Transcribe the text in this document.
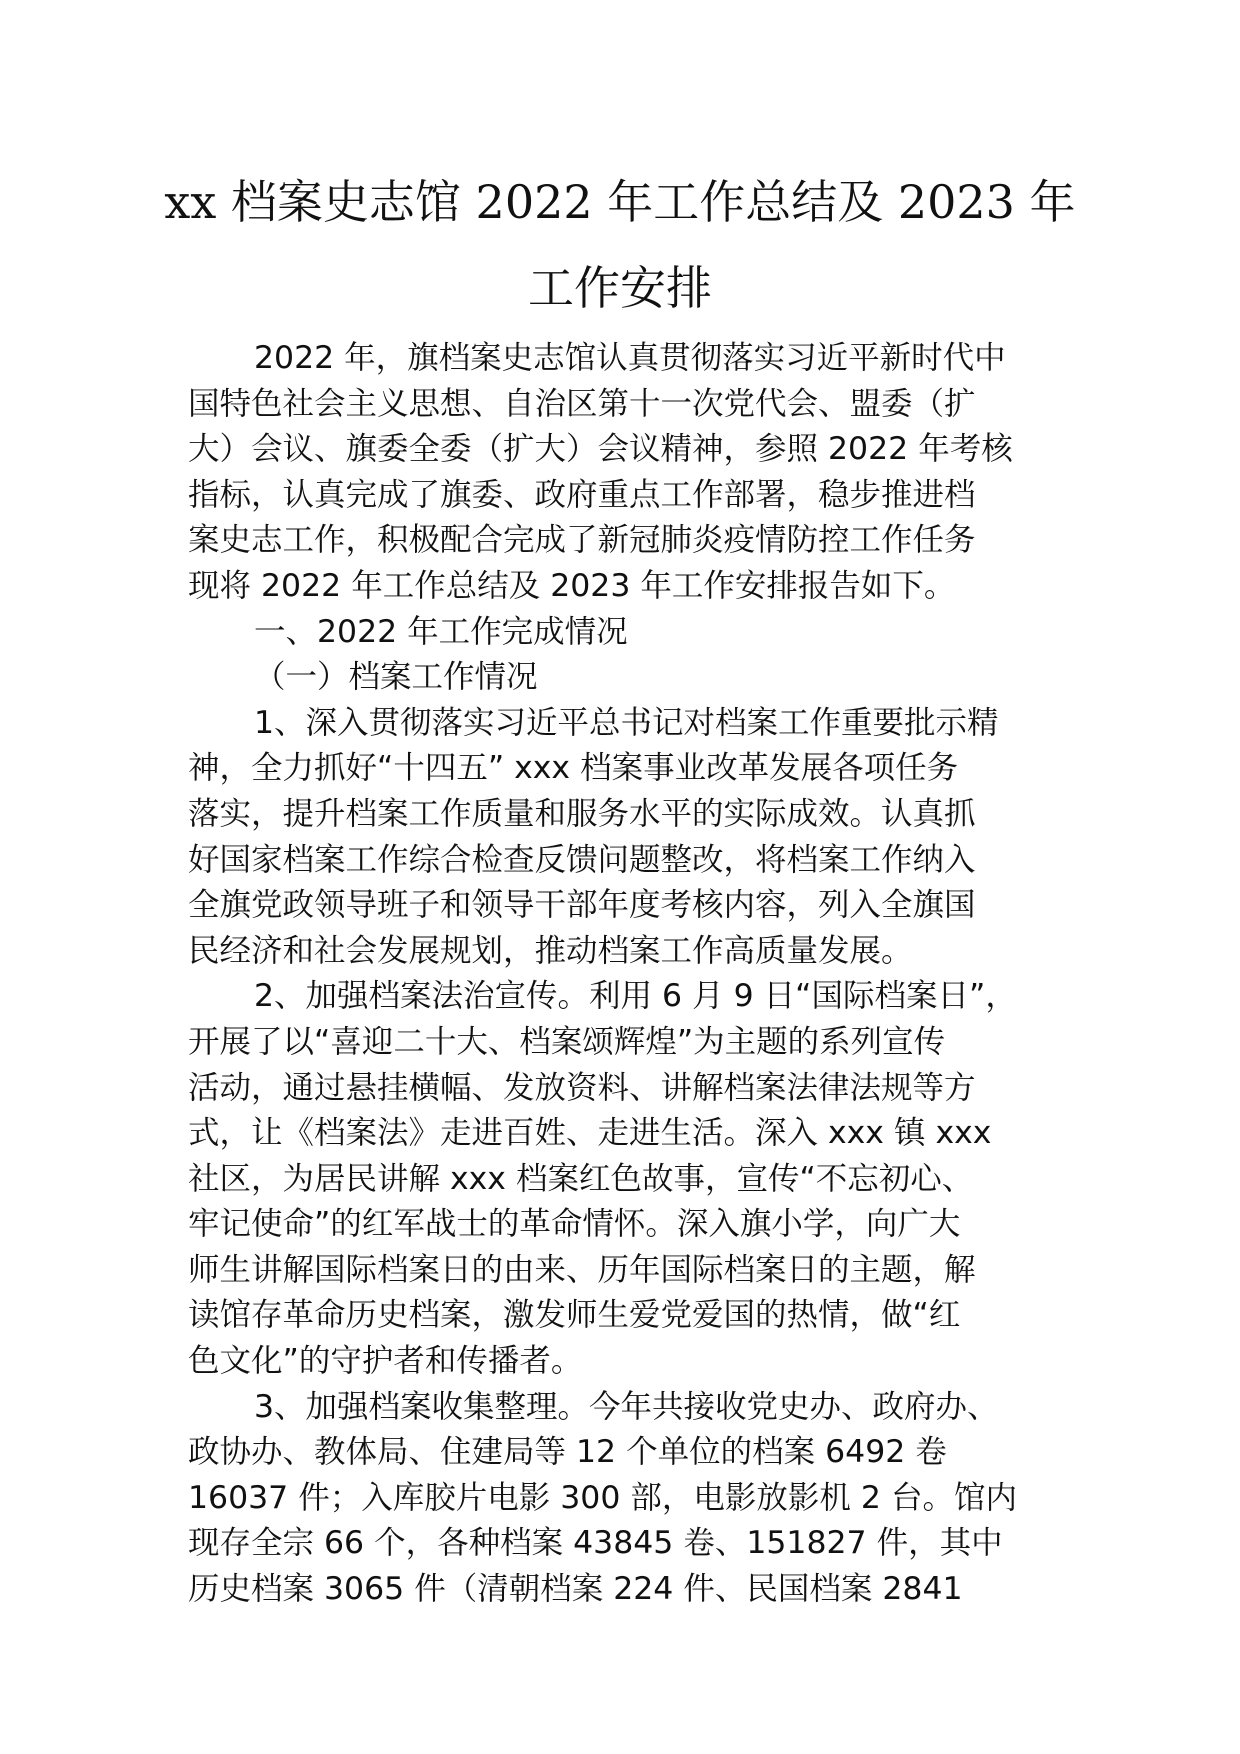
xx 档案史志馆 2022 年工作总结及 2023 年
工作安排
2022 年，旗档案史志馆认真贯彻落实习近平新时代中
国特色社会主义思想、自治区第十一次党代会、盟委（扩
大）会议、旗委全委（扩大）会议精神，参照 2022 年考核
指标，认真完成了旗委、政府重点工作部署，稳步推进档
案史志工作，积极配合完成了新冠肺炎疫情防控工作任务
现将 2022 年工作总结及 2023 年工作安排报告如下。
一、2022 年工作完成情况
（一）档案工作情况
1、深入贯彻落实习近平总书记对档案工作重要批示精
神，全力抓好“十四五” xxx 档案事业改革发展各项任务
落实，提升档案工作质量和服务水平的实际成效。认真抓
好国家档案工作综合检查反馈问题整改，将档案工作纳入
全旗党政领导班子和领导干部年度考核内容，列入全旗国
民经济和社会发展规划，推动档案工作高质量发展。
2、加强档案法治宣传。利用 6 月 9 日“国际档案日”，
开展了以“喜迎二十大、档案颂辉煌”为主题的系列宣传
活动，通过悬挂横幅、发放资料、讲解档案法律法规等方
式，让《档案法》走进百姓、走进生活。深入 xxx 镇 xxx
社区，为居民讲解 xxx 档案红色故事，宣传“不忘初心、
牢记使命”的红军战士的革命情怀。深入旗小学，向广大
师生讲解国际档案日的由来、历年国际档案日的主题，解
读馆存革命历史档案，激发师生爱党爱国的热情，做“红
色文化”的守护者和传播者。
3、加强档案收集整理。今年共接收党史办、政府办、
政协办、教体局、住建局等 12 个单位的档案 6492 卷
16037 件；入库胶片电影 300 部，电影放影机 2 台。馆内
现存全宗 66 个，各种档案 43845 卷、151827 件，其中
历史档案 3065 件（清朝档案 224 件、民国档案 2841
